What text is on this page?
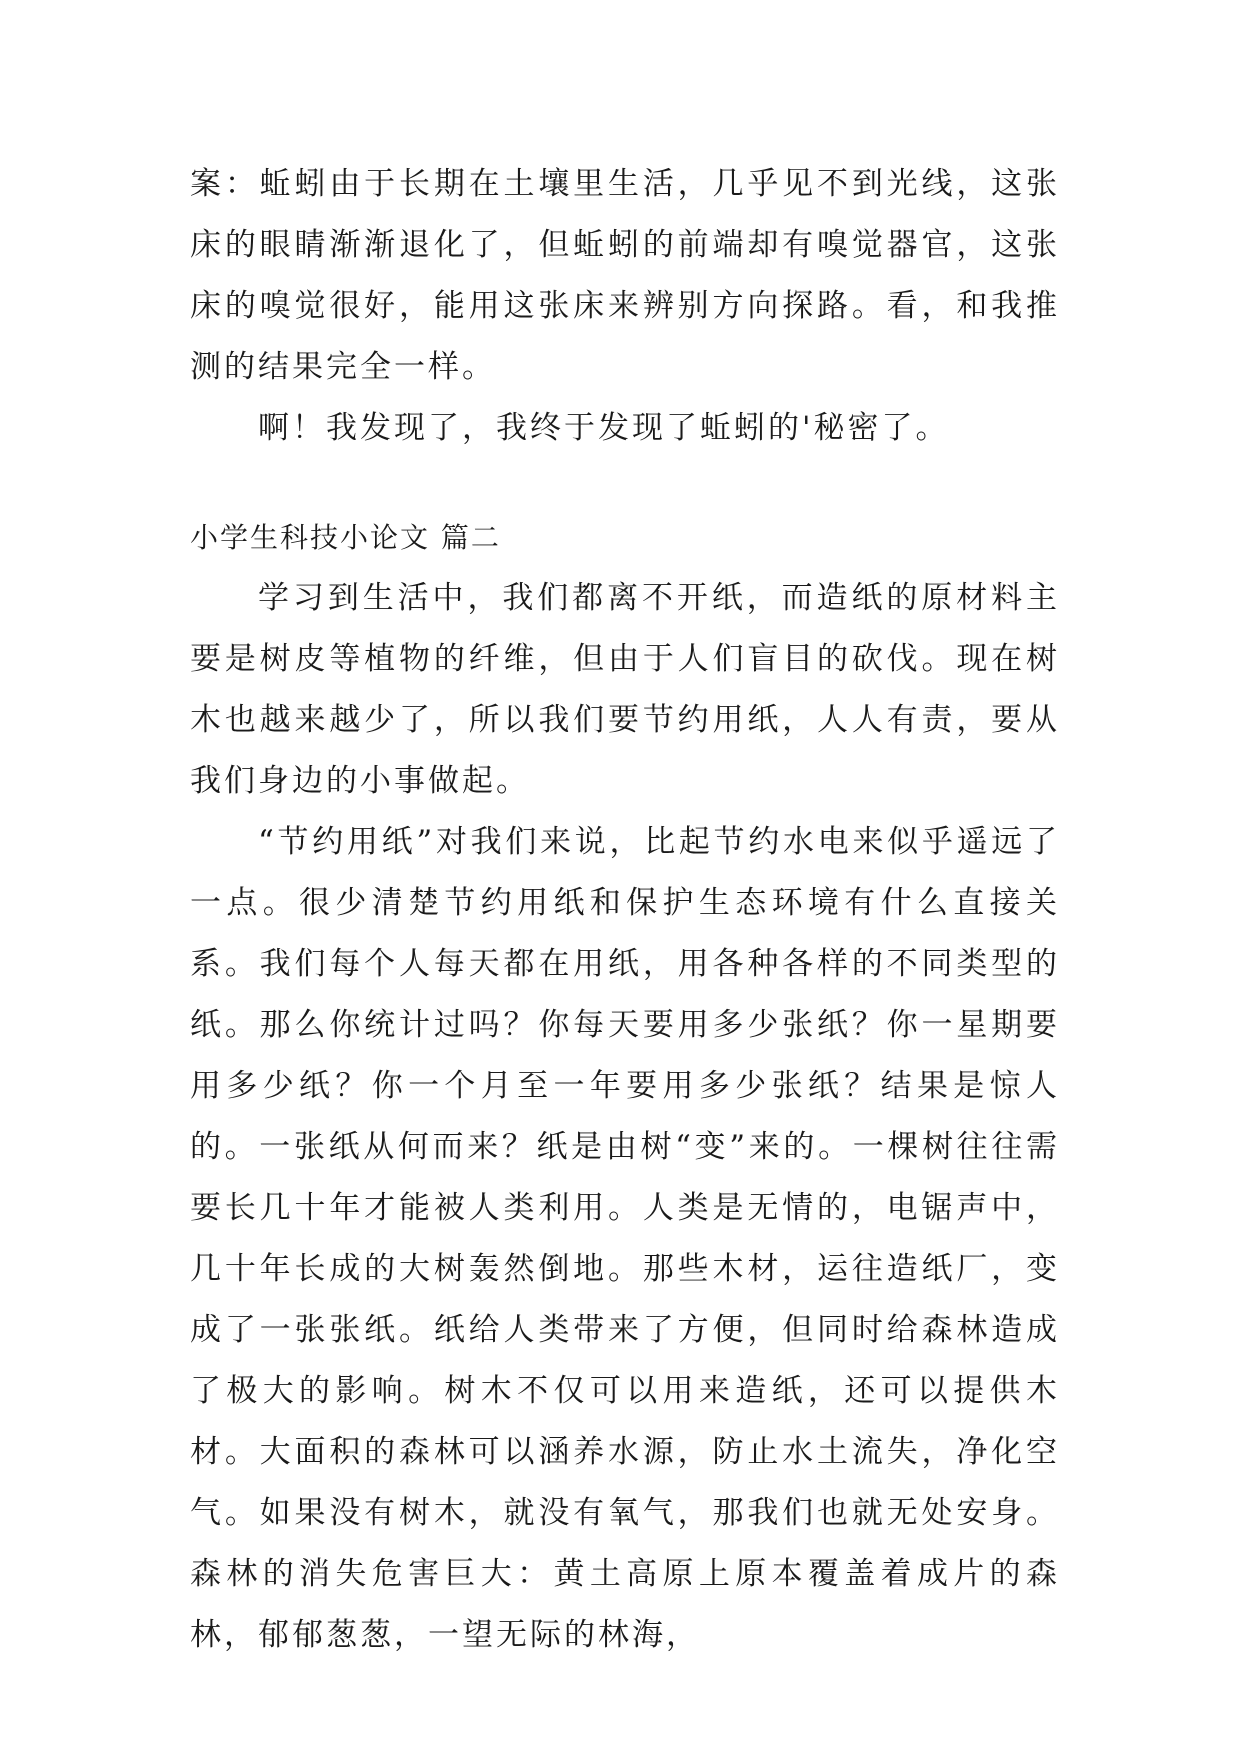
案：蚯蚓由于长期在土壤里生活，几乎见不到光线，这张床的眼睛渐渐退化了，但蚯蚓的前端却有嗅觉器官，这张床的嗅觉很好，能用这张床来辨别方向探路。看，和我推测的结果完全一样。

啊！我发现了，我终于发现了蚯蚓的'秘密了。

小学生科技小论文 篇二

学习到生活中，我们都离不开纸，而造纸的原材料主要是树皮等植物的纤维，但由于人们盲目的砍伐。现在树木也越来越少了，所以我们要节约用纸，人人有责，要从我们身边的小事做起。

“节约用纸”对我们来说，比起节约水电来似乎遥远了一点。很少清楚节约用纸和保护生态环境有什么直接关系。我们每个人每天都在用纸，用各种各样的不同类型的纸。那么你统计过吗？你每天要用多少张纸？你一星期要用多少纸？你一个月至一年要用多少张纸？结果是惊人的。一张纸从何而来？纸是由树“变”来的。一棵树往往需要长几十年才能被人类利用。人类是无情的，电锯声中，几十年长成的大树轰然倒地。那些木材，运往造纸厂，变成了一张张纸。纸给人类带来了方便，但同时给森林造成了极大的影响。树木不仅可以用来造纸，还可以提供木材。大面积的森林可以涵养水源，防止水土流失，净化空气。如果没有树木，就没有氧气，那我们也就无处安身。森林的消失危害巨大：黄土高原上原本覆盖着成片的森林，郁郁葱葱，一望无际的林海，
